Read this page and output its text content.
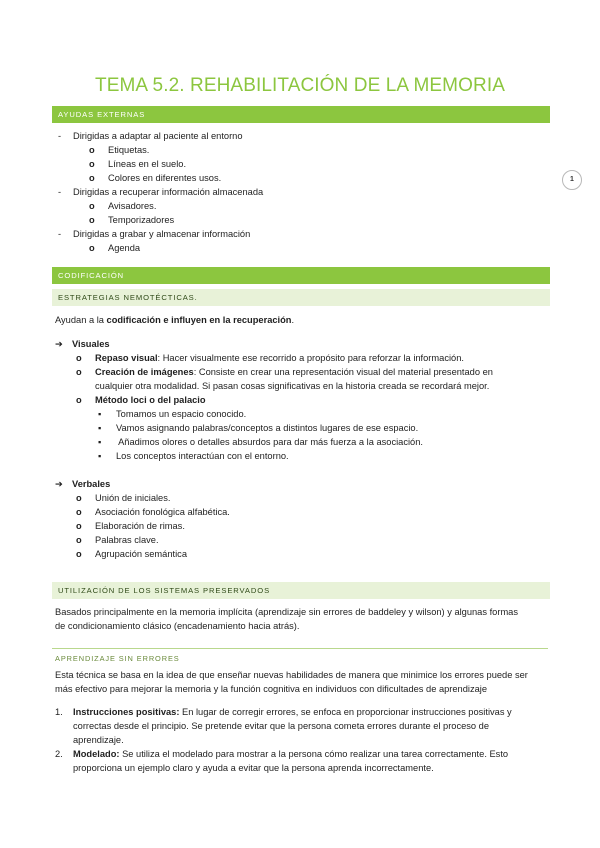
TEMA 5.2. REHABILITACIÓN DE LA MEMORIA
1
AYUDAS EXTERNAS
- Dirigidas a adaptar al paciente al entorno
o Etiquetas.
o Líneas en el suelo.
o Colores en diferentes usos.
- Dirigidas a recuperar información almacenada
o Avisadores.
o Temporizadores
- Dirigidas a grabar y almacenar información
o Agenda
CODIFICACIÓN
ESTRATEGIAS NEMOTÉCTICAS.
Ayudan a la codificación e influyen en la recuperación.
➔ Visuales
o Repaso visual: Hacer visualmente ese recorrido a propósito para reforzar la información.
o Creación de imágenes: Consiste en crear una representación visual del material presentado en
cualquier otra modalidad. Si pasan cosas significativas en la historia creada se recordará mejor.
o Método loci o del palacio
▪ Tomamos un espacio conocido.
▪ Vamos asignando palabras/conceptos a distintos lugares de ese espacio.
▪ Añadimos olores o detalles absurdos para dar más fuerza a la asociación.
▪ Los conceptos interactúan con el entorno.
➔ Verbales
o Unión de iniciales.
o Asociación fonológica alfabética.
o Elaboración de rimas.
o Palabras clave.
o Agrupación semántica
UTILIZACIÓN DE LOS SISTEMAS PRESERVADOS
Basados principalmente en la memoria implícita (aprendizaje sin errores de baddeley y wilson) y algunas formas
de condicionamiento clásico (encadenamiento hacia atrás).
APRENDIZAJE SIN ERRORES
Esta técnica se basa en la idea de que enseñar nuevas habilidades de manera que minimice los errores puede ser
más efectivo para mejorar la memoria y la función cognitiva en individuos con dificultades de aprendizaje
1. Instrucciones positivas: En lugar de corregir errores, se enfoca en proporcionar instrucciones positivas y
correctas desde el principio. Se pretende evitar que la persona cometa errores durante el proceso de
aprendizaje.
2. Modelado: Se utiliza el modelado para mostrar a la persona cómo realizar una tarea correctamente. Esto
proporciona un ejemplo claro y ayuda a evitar que la persona aprenda incorrectamente.
